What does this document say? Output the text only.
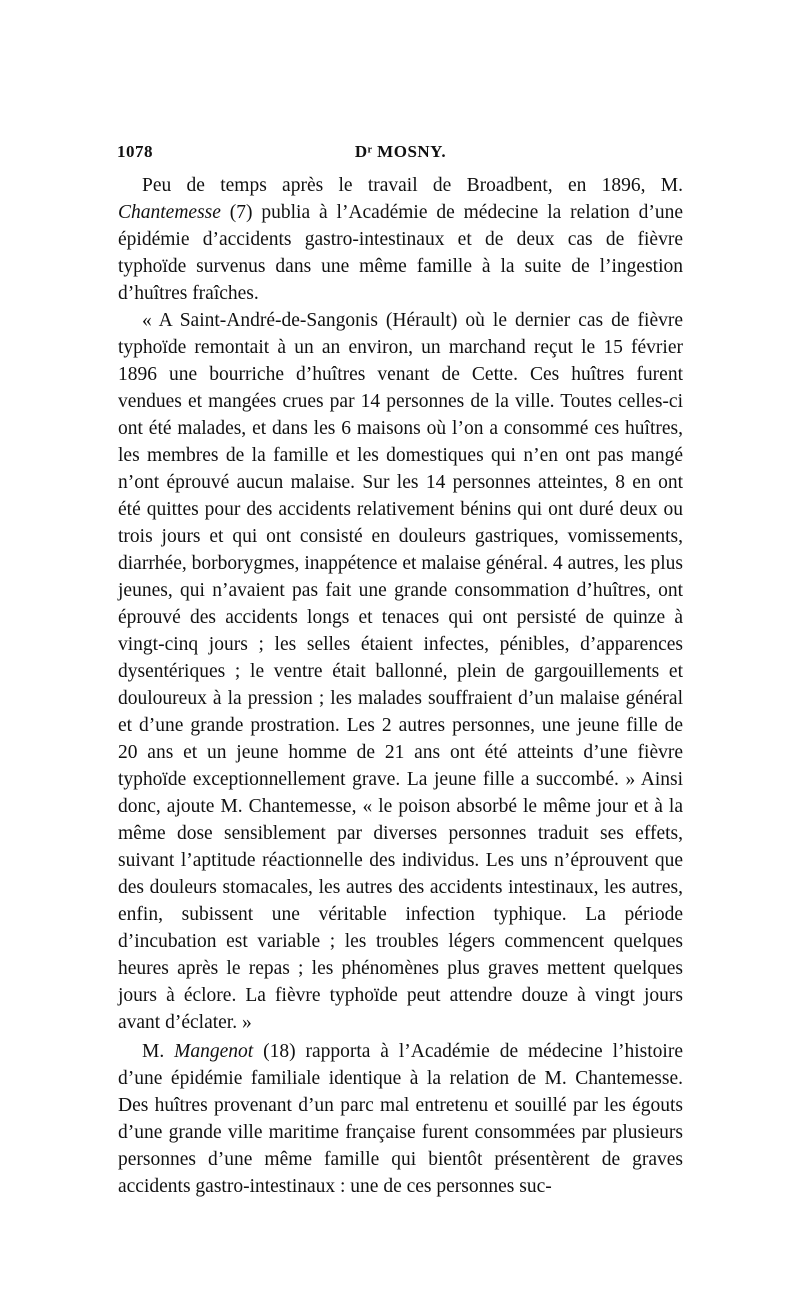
1078	Dʳ MOSNY.

Peu de temps après le travail de Broadbent, en 1896, M. Chantemesse (7) publia à l’Académie de médecine la relation d’une épidémie d’accidents gastro-intestinaux et de deux cas de fièvre typhoïde survenus dans une même famille à la suite de l’ingestion d’huîtres fraîches.

« A Saint-André-de-Sangonis (Hérault) où le dernier cas de fièvre typhoïde remontait à un an environ, un marchand reçut le 15 février 1896 une bourriche d’huîtres venant de Cette. Ces huîtres furent vendues et mangées crues par 14 personnes de la ville. Toutes celles-ci ont été malades, et dans les 6 maisons où l’on a consommé ces huîtres, les membres de la famille et les domestiques qui n’en ont pas mangé n’ont éprouvé aucun malaise. Sur les 14 personnes atteintes, 8 en ont été quittes pour des accidents relativement bénins qui ont duré deux ou trois jours et qui ont consisté en douleurs gastriques, vomissements, diarrhée, borborygmes, inappétence et malaise général. 4 autres, les plus jeunes, qui n’avaient pas fait une grande consommation d’huîtres, ont éprouvé des accidents longs et tenaces qui ont persisté de quinze à vingt-cinq jours ; les selles étaient infectes, pénibles, d’apparences dysentériques ; le ventre était ballonné, plein de gargouillements et douloureux à la pression ; les malades souffraient d’un malaise général et d’une grande prostration. Les 2 autres personnes, une jeune fille de 20 ans et un jeune homme de 21 ans ont été atteints d’une fièvre typhoïde exceptionnellement grave. La jeune fille a succombé. » Ainsi donc, ajoute M. Chantemesse, « le poison absorbé le même jour et à la même dose sensiblement par diverses personnes traduit ses effets, suivant l’aptitude réactionnelle des individus. Les uns n’éprouvent que des douleurs stomacales, les autres des accidents intestinaux, les autres, enfin, subissent une véritable infection typhique. La période d’incubation est variable ; les troubles légers commencent quelques heures après le repas ; les phénomènes plus graves mettent quelques jours à éclore. La fièvre typhoïde peut attendre douze à vingt jours avant d’éclater. »

M. Mangenot (18) rapporta à l’Académie de médecine l’histoire d’une épidémie familiale identique à la relation de M. Chantemesse. Des huîtres provenant d’un parc mal entretenu et souillé par les égouts d’une grande ville maritime française furent consommées par plusieurs personnes d’une même famille qui bientôt présentèrent de graves accidents gastro-intestinaux : une de ces personnes suc-
